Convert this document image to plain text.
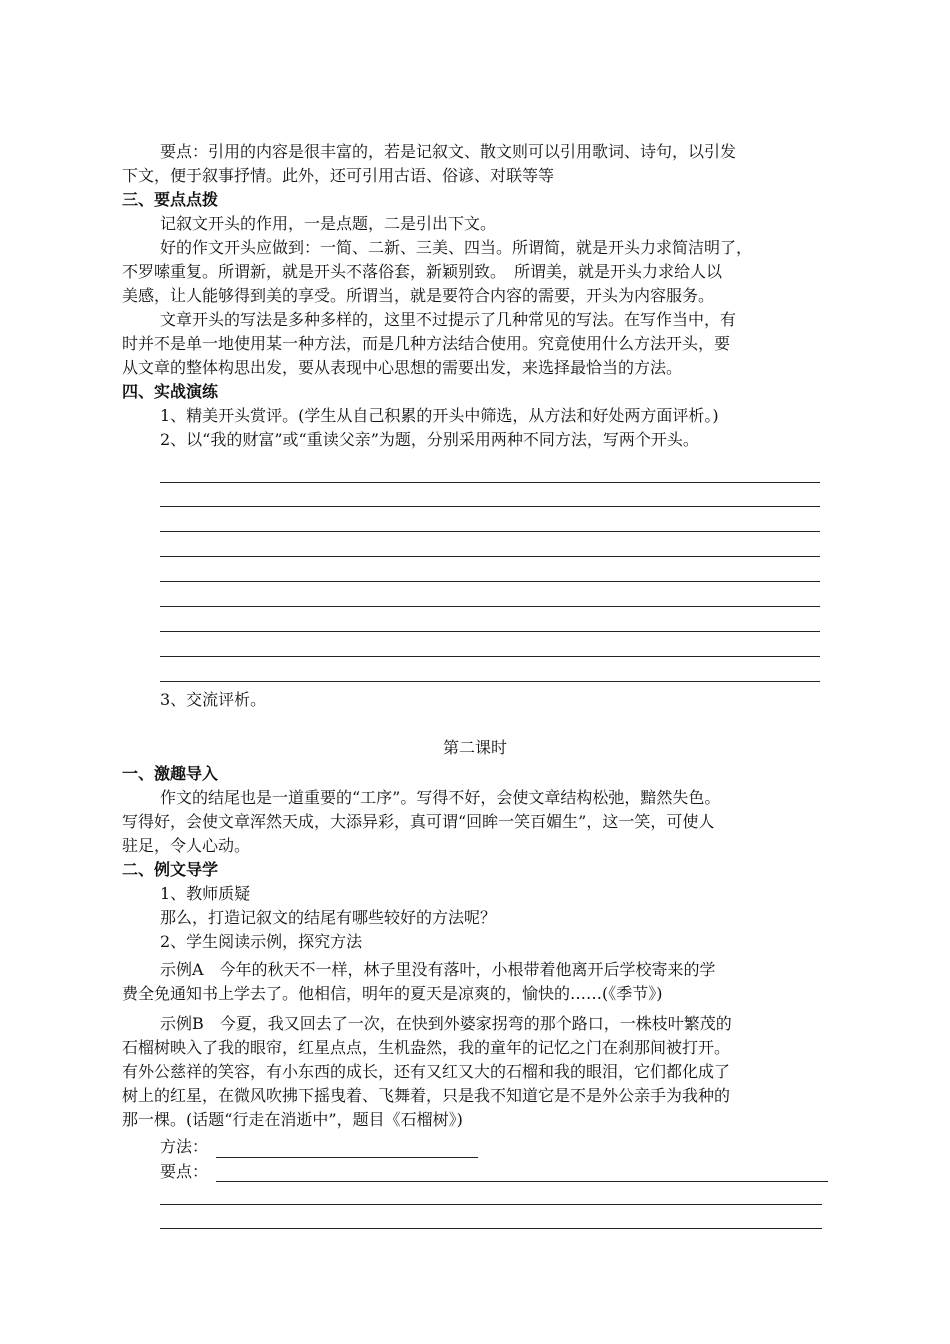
要点：引用的内容是很丰富的，若是记叙文、散文则可以引用歌词、诗句，以引发
下文，便于叙事抒情。此外，还可引用古语、俗谚、对联等等
三、要点点拨
记叙文开头的作用，一是点题，二是引出下文。
好的作文开头应做到：一简、二新、三美、四当。所谓简，就是开头力求简洁明了，
不罗嗦重复。所谓新，就是开头不落俗套，新颖别致。　所谓美，就是开头力求给人以
美感，让人能够得到美的享受。所谓当，就是要符合内容的需要，开头为内容服务。
文章开头的写法是多种多样的，这里不过提示了几种常见的写法。在写作当中，有
时并不是单一地使用某一种方法，而是几种方法结合使用。究竟使用什么方法开头，要
从文章的整体构思出发，要从表现中心思想的需要出发，来选择最恰当的方法。
四、实战演练
1、精美开头赏评。(学生从自己积累的开头中筛选，从方法和好处两方面评析。)
2、以“我的财富”或“重读父亲”为题，分别采用两种不同方法，写两个开头。
3、交流评析。
第二课时
一、激趣导入
作文的结尾也是一道重要的“工序”。写得不好，会使文章结构松弛，黯然失色。
写得好，会使文章浑然天成，大添异彩，真可谓“回眸一笑百媚生”，这一笑，可使人
驻足，令人心动。
二、例文导学
1、教师质疑
那么，打造记叙文的结尾有哪些较好的方法呢？
2、学生阅读示例，探究方法
示例A　今年的秋天不一样，林子里没有落叶，小根带着他离开后学校寄来的学
费全免通知书上学去了。他相信，明年的夏天是凉爽的，愉快的……(《季节》)
示例B　今夏，我又回去了一次，在快到外婆家拐弯的那个路口，一株枝叶繁茂的
石榴树映入了我的眼帘，红星点点，生机盎然，我的童年的记忆之门在刹那间被打开。
有外公慈祥的笑容，有小东西的成长，还有又红又大的石榴和我的眼泪，它们都化成了
树上的红星，在微风吹拂下摇曳着、飞舞着，只是我不知道它是不是外公亲手为我种的
那一棵。(话题“行走在消逝中”，题目《石榴树》)
方法：
要点：
